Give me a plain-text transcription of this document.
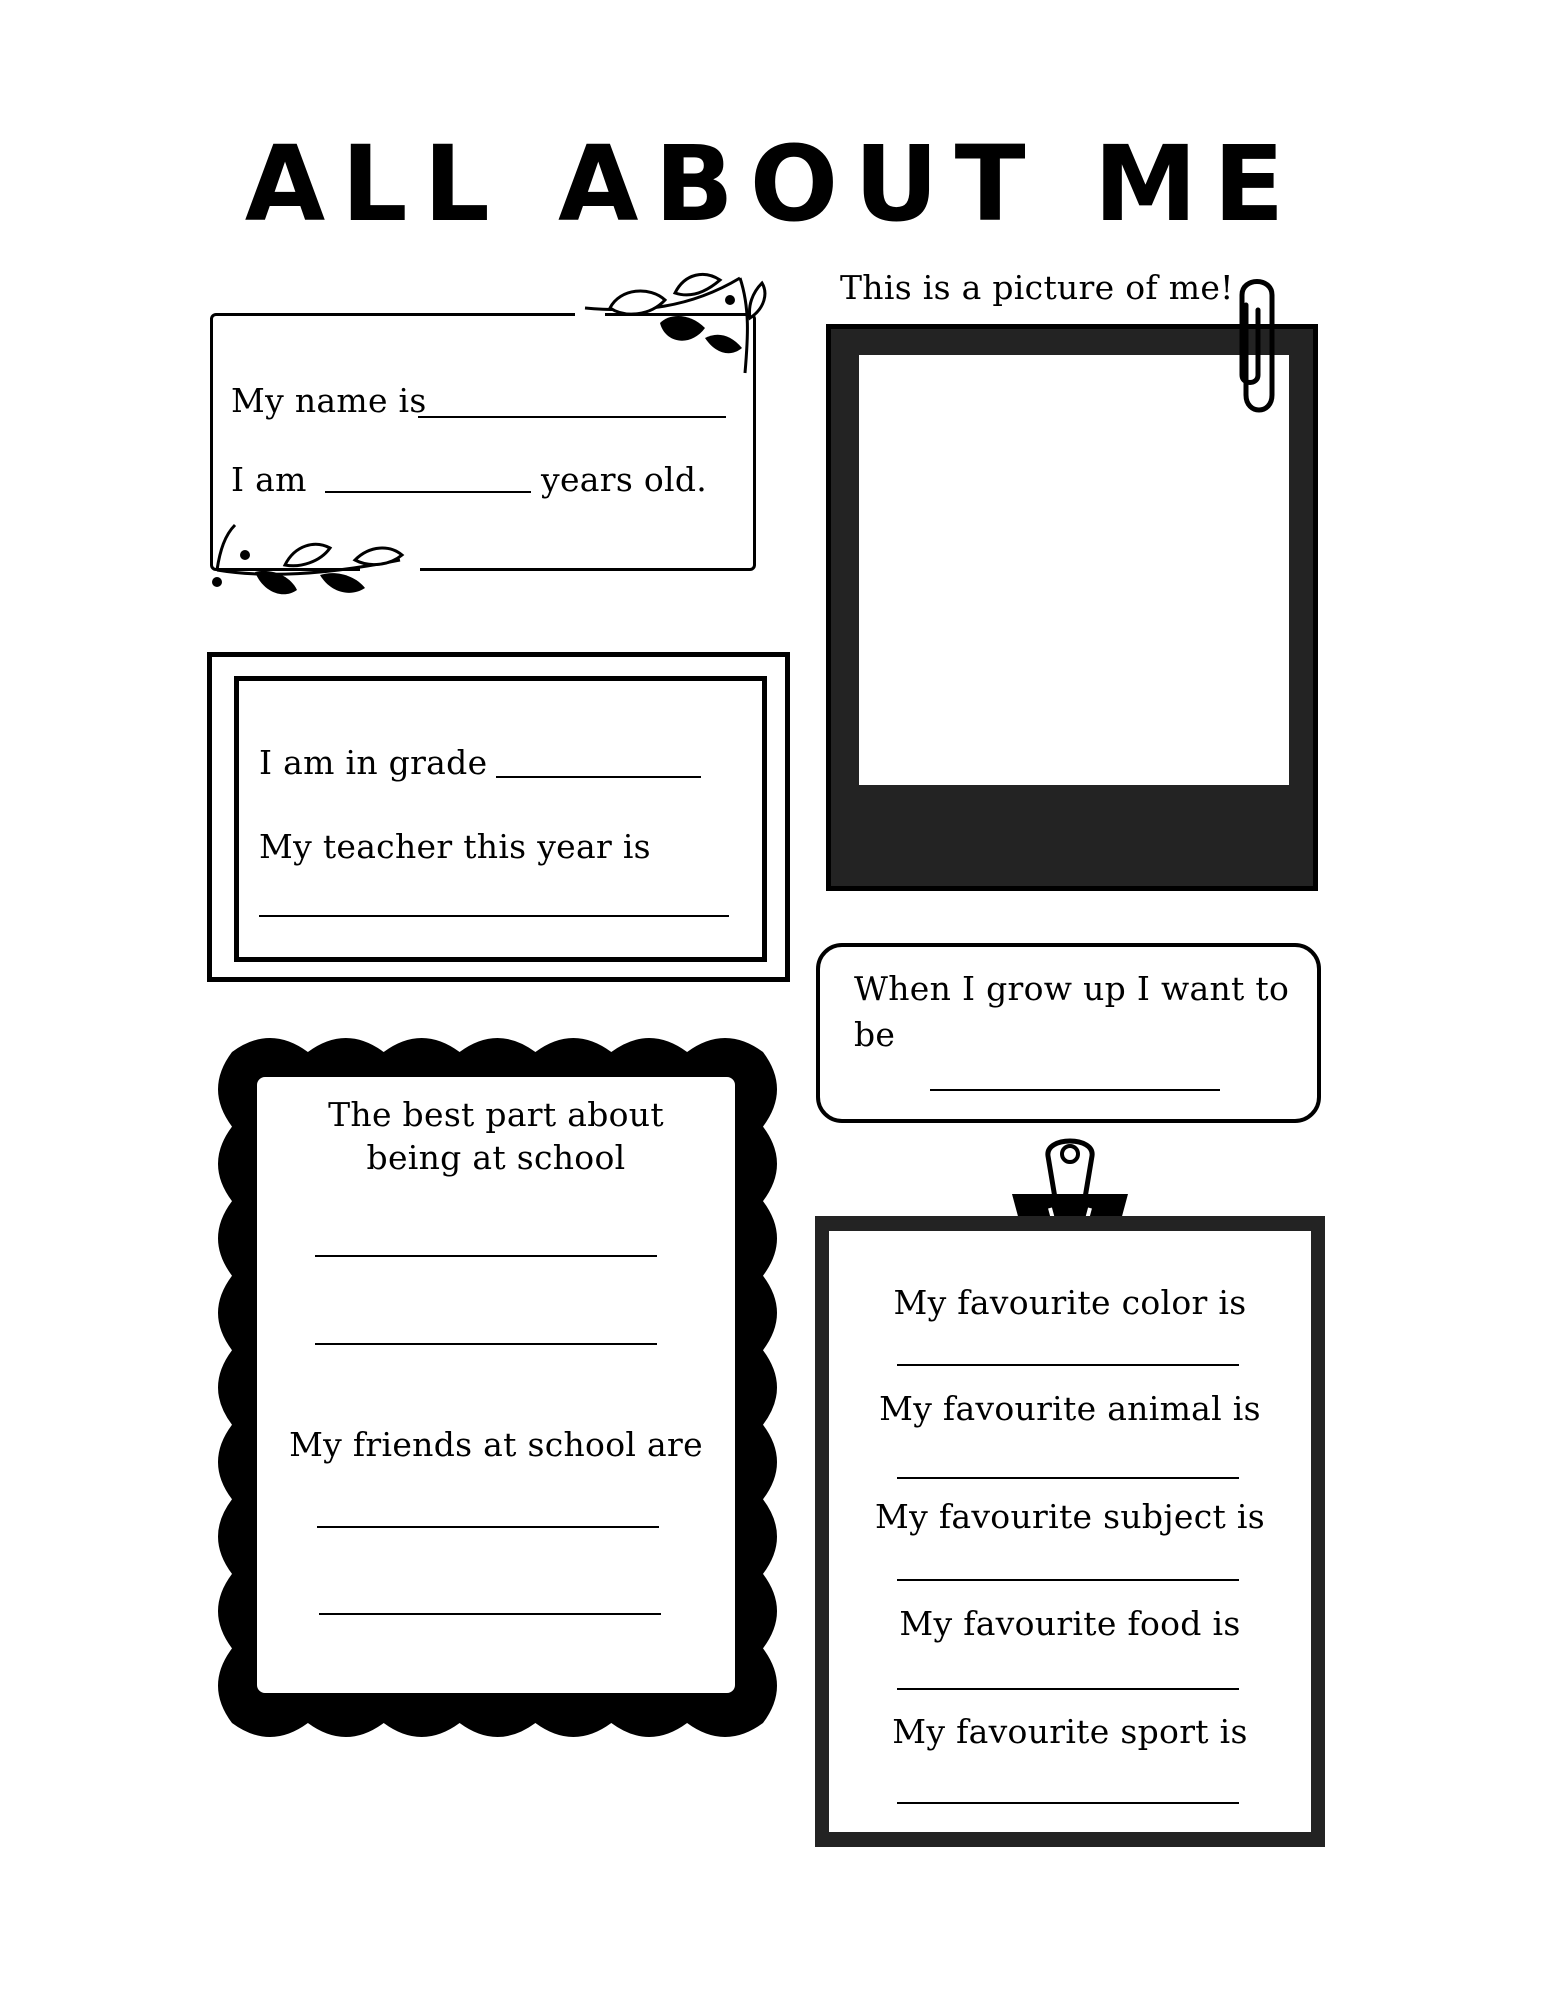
ALL ABOUT ME
My name is
I am	years old.
I am in grade
My teacher this year is
This is a picture of me!
When I grow up I want to
be
The best part about
being at school
My friends at school are
My favourite color is
My favourite animal is
My favourite subject is
My favourite food is
My favourite sport is
